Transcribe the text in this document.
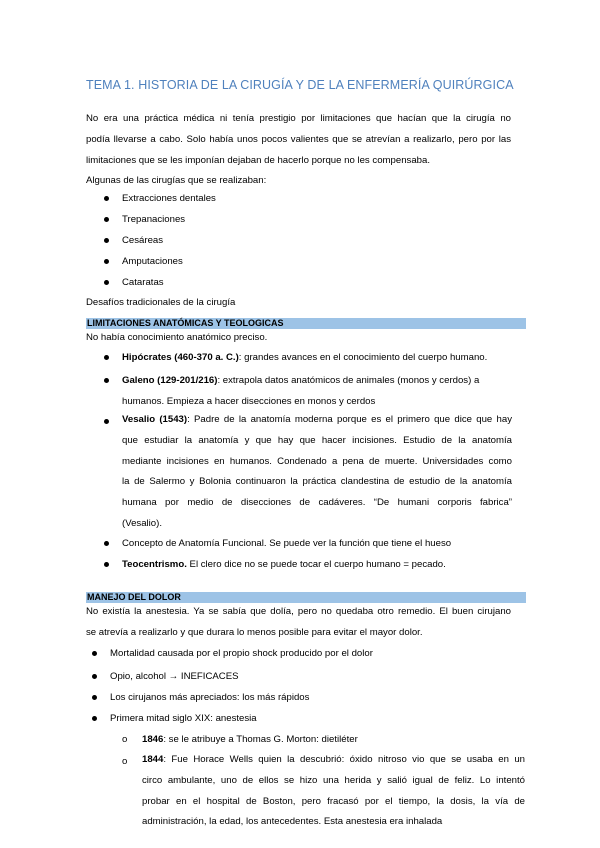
TEMA 1. HISTORIA DE LA CIRUGÍA Y DE LA ENFERMERÍA QUIRÚRGICA
No era una práctica médica ni tenía prestigio por limitaciones que hacían que la cirugía no
podía llevarse a cabo. Solo había unos pocos valientes que se atrevían a realizarlo, pero por las
limitaciones que se les imponían dejaban de hacerlo porque no les compensaba.
Algunas de las cirugías que se realizaban:
Extracciones dentales
Trepanaciones
Cesáreas
Amputaciones
Cataratas
Desafíos tradicionales de la cirugía
LIMITACIONES ANATÓMICAS Y TEOLOGICAS
No había conocimiento anatómico preciso.
Hipócrates (460-370 a. C.): grandes avances en el conocimiento del cuerpo humano.
Galeno (129-201/216): extrapola datos anatómicos de animales (monos y cerdos) a
humanos. Empieza a hacer disecciones en monos y cerdos
Vesalio (1543): Padre de la anatomía moderna porque es el primero que dice que hay
que estudiar la anatomía y que hay que hacer incisiones. Estudio de la anatomía
mediante incisiones en humanos. Condenado a pena de muerte. Universidades como
la de Salermo y Bolonia continuaron la práctica clandestina de estudio de la anatomía
humana por medio de disecciones de cadáveres. “De humani corporis fabrica”
(Vesalio).
Concepto de Anatomía Funcional. Se puede ver la función que tiene el hueso
Teocentrismo. El clero dice no se puede tocar el cuerpo humano = pecado.
MANEJO DEL DOLOR
No existía la anestesia. Ya se sabía que dolía, pero no quedaba otro remedio. El buen cirujano
se atrevía a realizarlo y que durara lo menos posible para evitar el mayor dolor.
Mortalidad causada por el propio shock producido por el dolor
Opio, alcohol → INEFICACES
Los cirujanos más apreciados: los más rápidos
Primera mitad siglo XIX: anestesia
o 1846: se le atribuye a Thomas G. Morton: dietiléter
o 1844: Fue Horace Wells quien la descubrió: óxido nitroso vio que se usaba en un
circo ambulante, uno de ellos se hizo una herida y salió igual de feliz. Lo intentó
probar en el hospital de Boston, pero fracasó por el tiempo, la dosis, la vía de
administración, la edad, los antecedentes. Esta anestesia era inhalada
